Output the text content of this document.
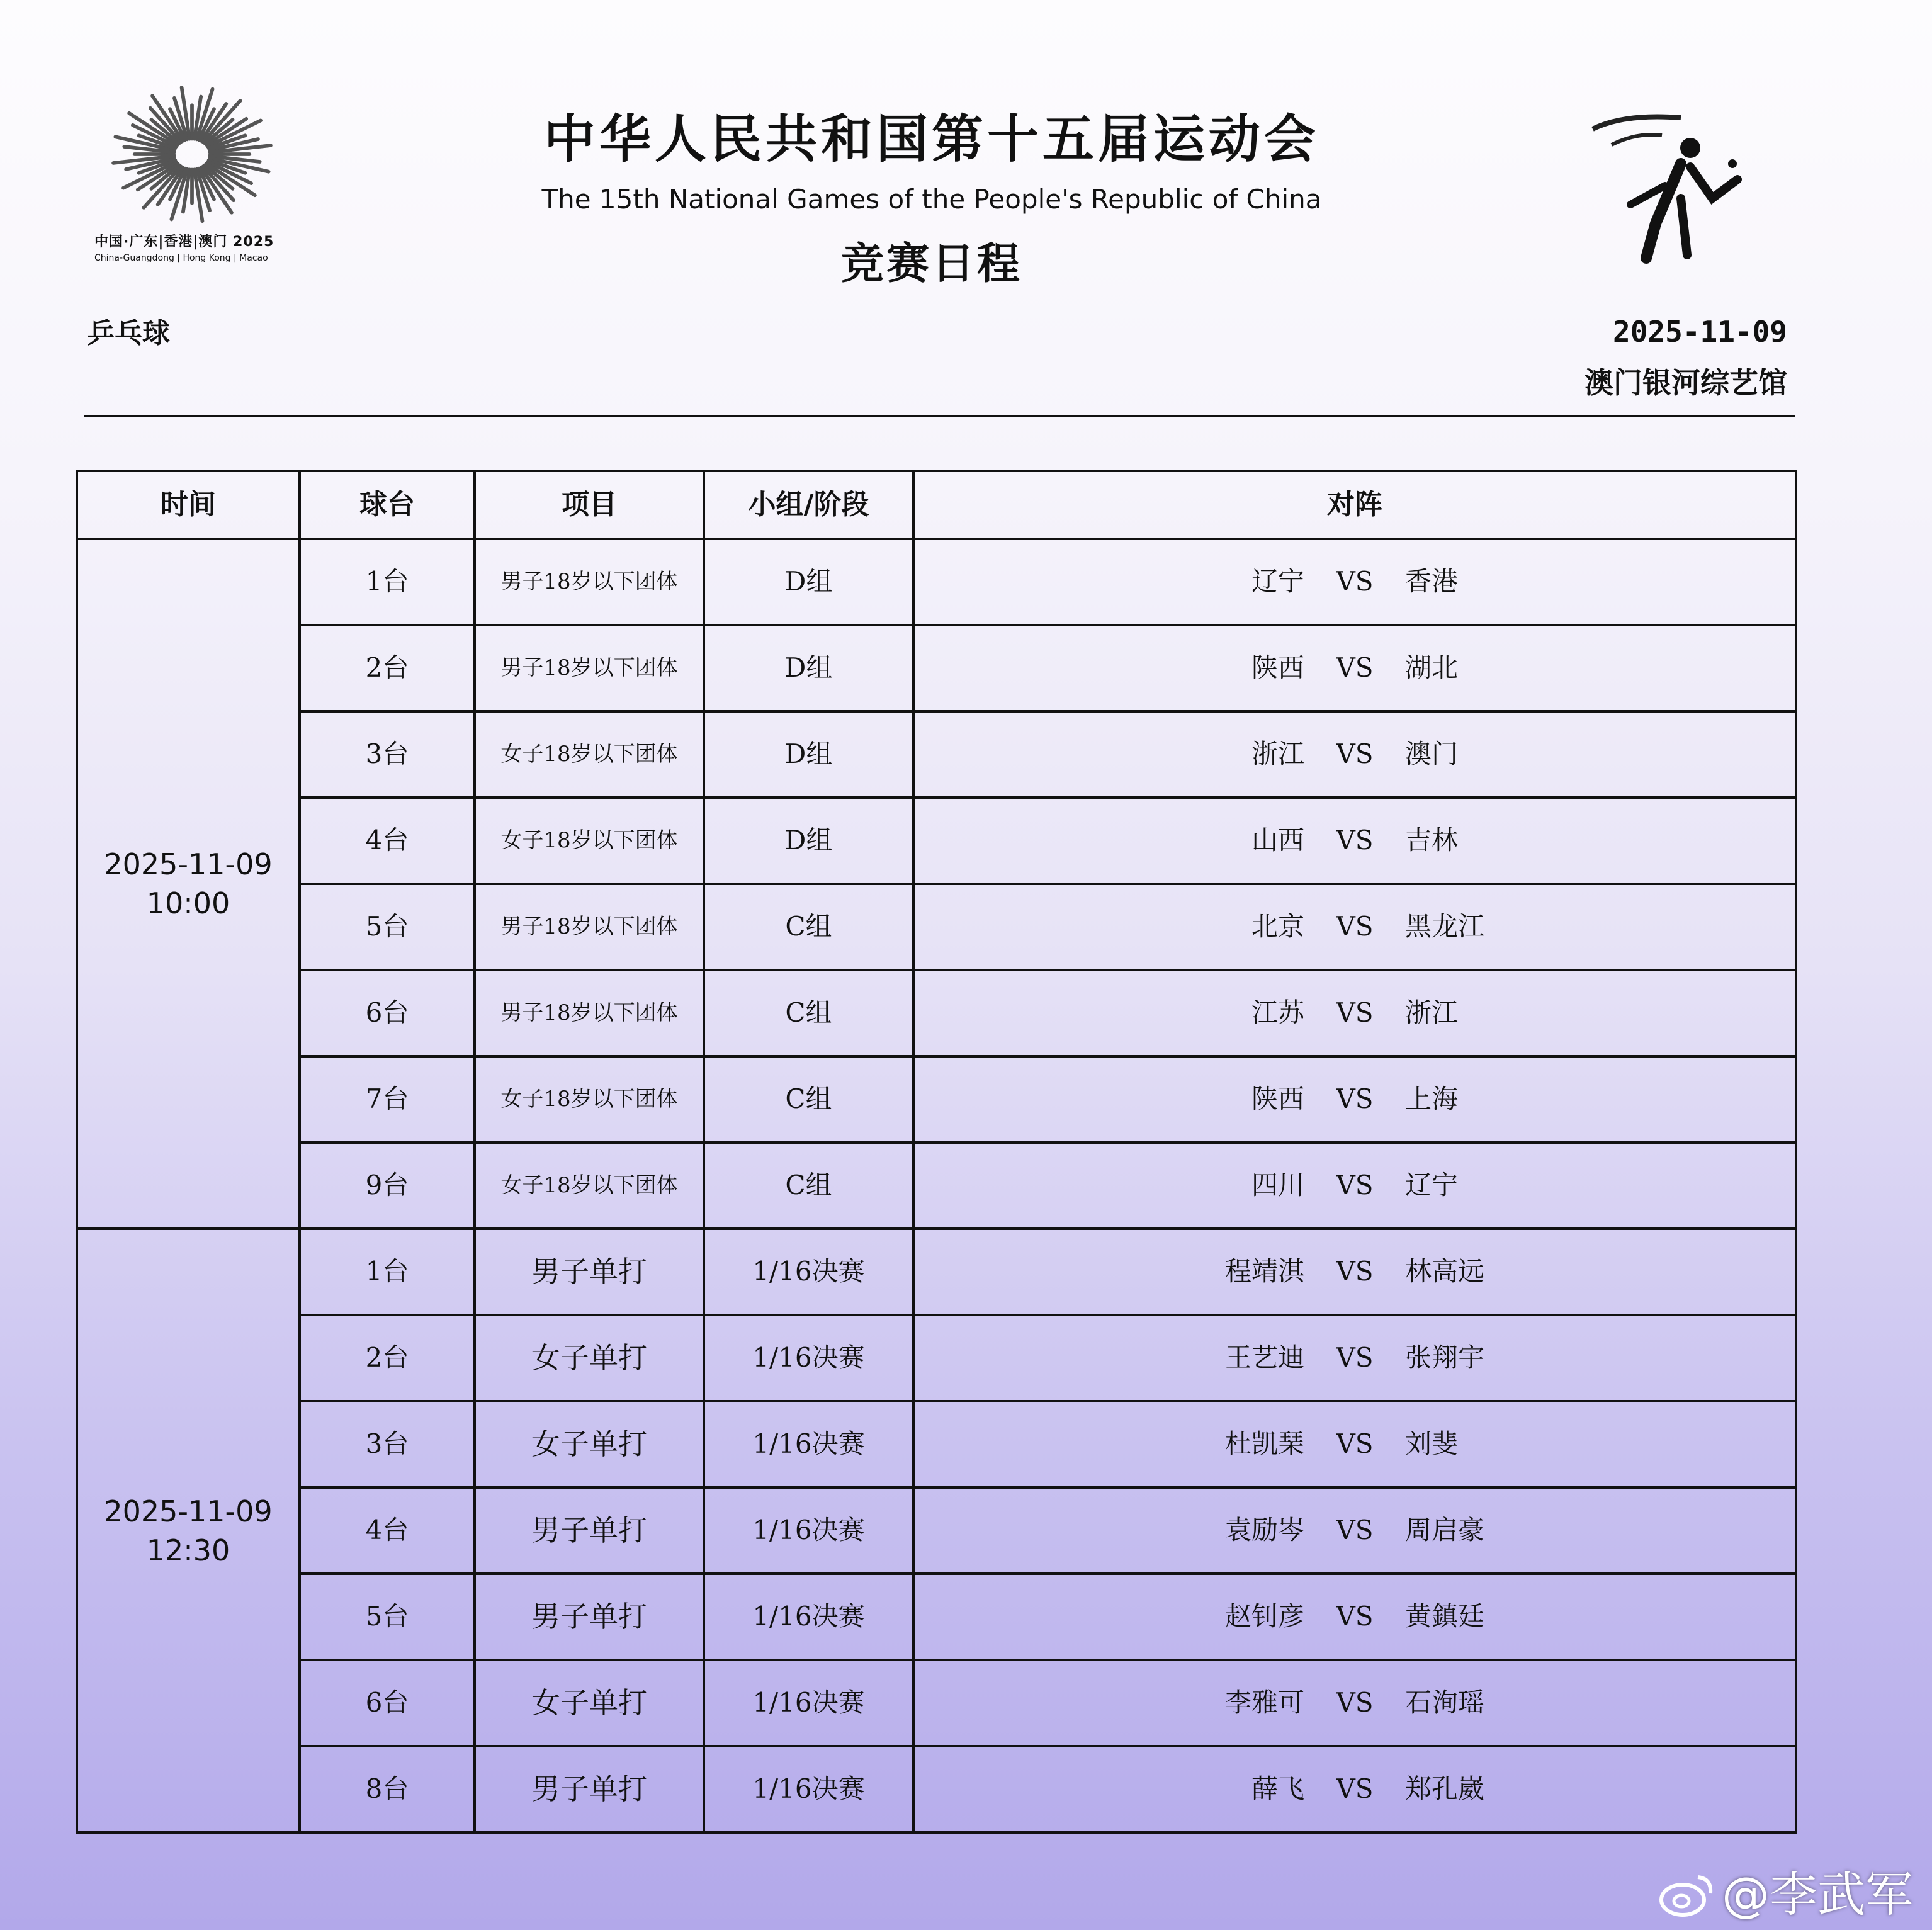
中国·广东|香港|澳门 2025
China-Guangdong | Hong Kong | Macao
乒乓球
中华人民共和国第十五届运动会
The 15th National Games of the People's Republic of China
竞赛日程
2025-11-09
澳门银河综艺馆
时间	球台	项目	小组/阶段	对阵
2025-11-09
10:00	1台	男子18岁以下团体	D组	辽宁 VS 香港
	2台	男子18岁以下团体	D组	陕西 VS 湖北
	3台	女子18岁以下团体	D组	浙江 VS 澳门
	4台	女子18岁以下团体	D组	山西 VS 吉林
	5台	男子18岁以下团体	C组	北京 VS 黑龙江
	6台	男子18岁以下团体	C组	江苏 VS 浙江
	7台	女子18岁以下团体	C组	陕西 VS 上海
	9台	女子18岁以下团体	C组	四川 VS 辽宁
2025-11-09
12:30	1台	男子单打	1/16决赛	程靖淇 VS 林高远
	2台	女子单打	1/16决赛	王艺迪 VS 张翔宇
	3台	女子单打	1/16决赛	杜凯琹 VS 刘斐
	4台	男子单打	1/16决赛	袁励岑 VS 周启豪
	5台	男子单打	1/16决赛	赵钊彦 VS 黄鎮廷
	6台	女子单打	1/16决赛	李雅可 VS 石洵瑶
	8台	男子单打	1/16决赛	薛飞 VS 郑孔崴
@李武军
